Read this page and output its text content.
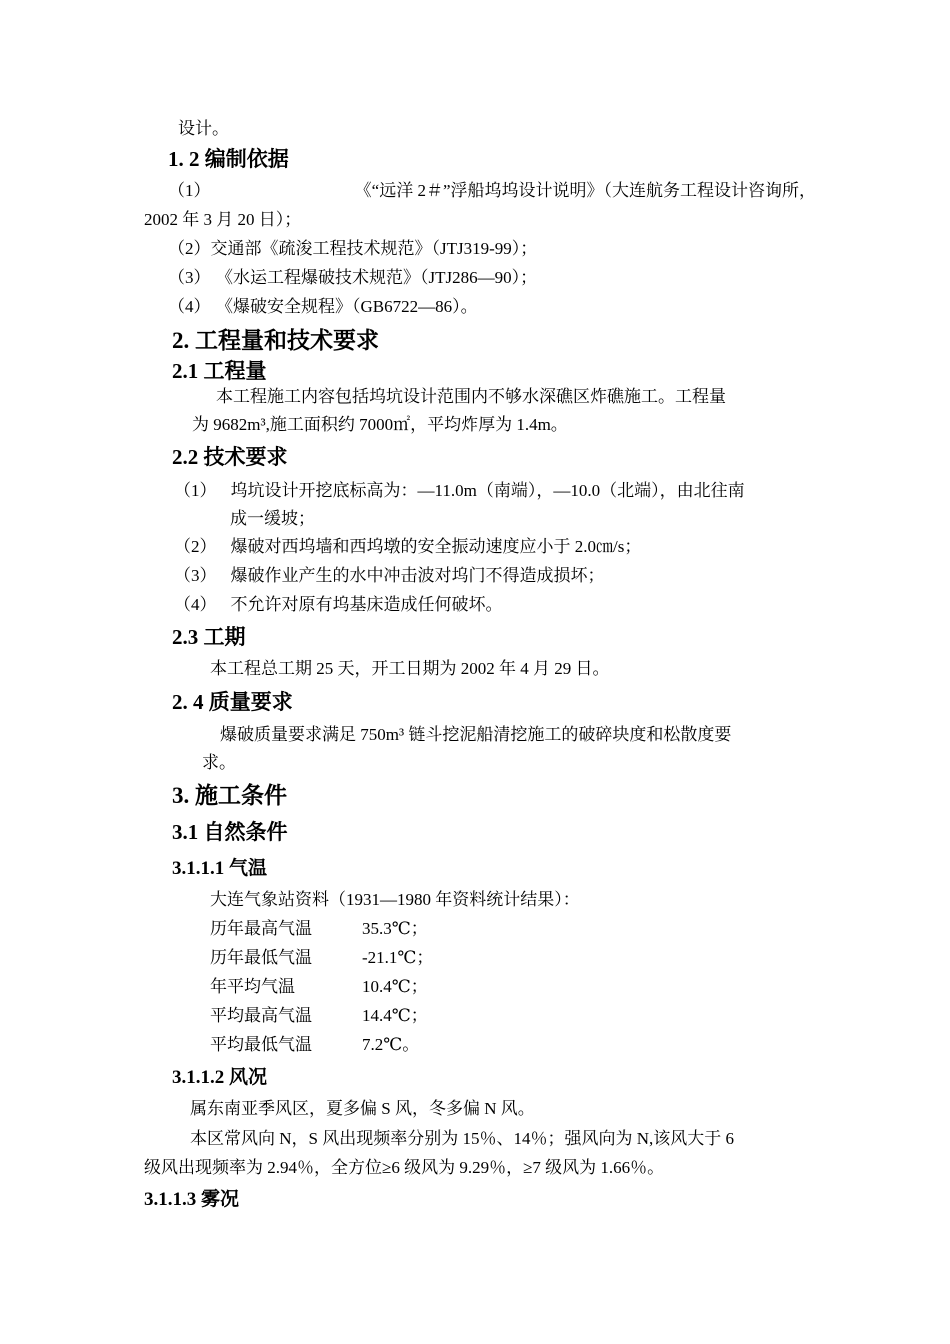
设计。
1. 2 编制依据
（1）	《“远洋 2＃”浮船坞坞设计说明》（大连航务工程设计咨询所，
2002 年 3 月 20 日）；
（2）交通部《疏浚工程技术规范》（JTJ319-99）；
（3） 《水运工程爆破技术规范》（JTJ286—90）；
（4） 《爆破安全规程》（GB6722—86）。
2. 工程量和技术要求
2.1 工程量
本工程施工内容包括坞坑设计范围内不够水深礁区炸礁施工。工程量
为 9682m³,施工面积约 7000㎡，平均炸厚为 1.4m。
2.2 技术要求
（1） 坞坑设计开挖底标高为：—11.0m（南端），—10.0（北端），由北往南
成一缓坡；
（2） 爆破对西坞墙和西坞墩的安全振动速度应小于 2.0㎝/s；
（3） 爆破作业产生的水中冲击波对坞门不得造成损坏；
（4） 不允许对原有坞基床造成任何破坏。
2.3 工期
本工程总工期 25 天，开工日期为 2002 年 4 月 29 日。
2. 4 质量要求
爆破质量要求满足 750m³ 链斗挖泥船清挖施工的破碎块度和松散度要
求。
3. 施工条件
3.1 自然条件
3.1.1.1 气温
大连气象站资料（1931—1980 年资料统计结果）：
历年最高气温	35.3℃；
历年最低气温	-21.1℃；
年平均气温	10.4℃；
平均最高气温	14.4℃；
平均最低气温	7.2℃。
3.1.1.2 风况
属东南亚季风区，夏多偏 S 风，冬多偏 N 风。
本区常风向 N，S 风出现频率分别为 15％、14％；强风向为 N,该风大于 6
级风出现频率为 2.94％，全方位≥6 级风为 9.29％，≥7 级风为 1.66％。
3.1.1.3 雾况
